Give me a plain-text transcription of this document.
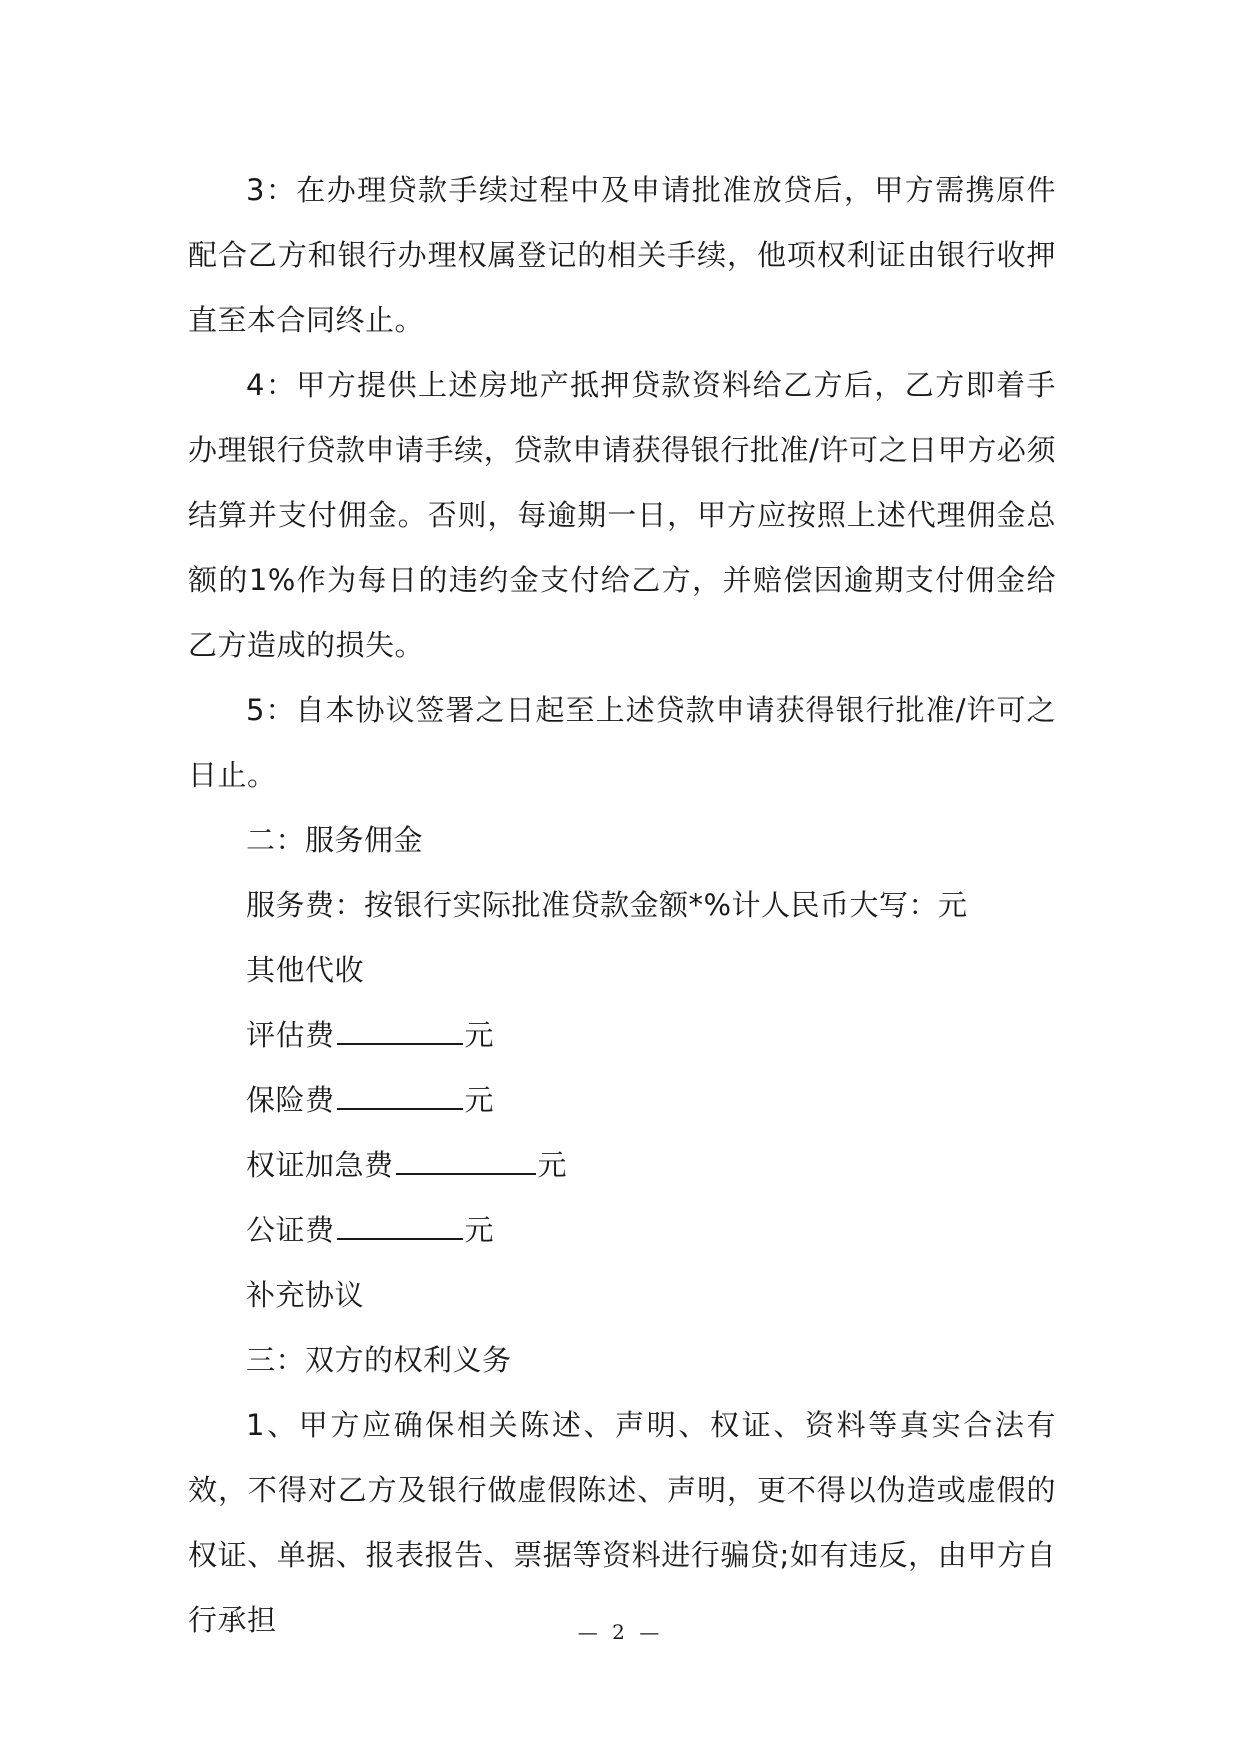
3：在办理贷款手续过程中及申请批准放贷后，甲方需携原件配合乙方和银行办理权属登记的相关手续，他项权利证由银行收押直至本合同终止。

4：甲方提供上述房地产抵押贷款资料给乙方后，乙方即着手办理银行贷款申请手续，贷款申请获得银行批准/许可之日甲方必须结算并支付佣金。否则，每逾期一日，甲方应按照上述代理佣金总额的1%作为每日的违约金支付给乙方，并赔偿因逾期支付佣金给乙方造成的损失。

5：自本协议签署之日起至上述贷款申请获得银行批准/许可之日止。

二：服务佣金

服务费：按银行实际批准贷款金额*%计人民币大写：元

其他代收

评估费	元

保险费	元

权证加急费	元

公证费	元

补充协议

三：双方的权利义务

1、甲方应确保相关陈述、声明、权证、资料等真实合法有效，不得对乙方及银行做虚假陈述、声明，更不得以伪造或虚假的权证、单据、报表报告、票据等资料进行骗贷;如有违反，由甲方自行承担	— 2 —
